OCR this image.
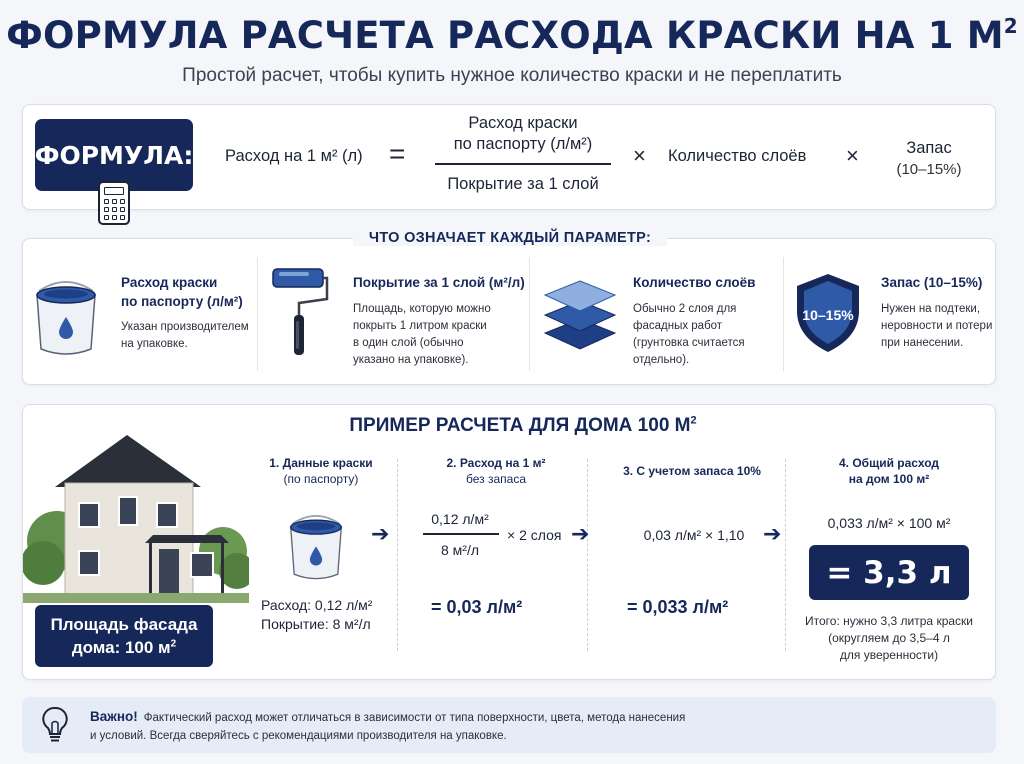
ФОРМУЛА РАСЧЕТА РАСХОДА КРАСКИ НА 1 $М^2$
Простой расчет, чтобы купить нужное количество краски и не переплатить
ФОРМУЛА: Расход на 1 м² (л) =
Расход краски
по паспорту (л/м²)
Покрытие за 1 слой
× Количество слоёв ×	Запас
(10–15%)
ЧТО ОЗНАЧАЕТ КАЖДЫЙ ПАРАМЕТР:
Расход краски
по паспорту (л/м²)
Указан производителем
на упаковке.
Покрытие за 1 слой (м²/л)
Площадь, которую можно
покрыть 1 литром краски
в один слой (обычно
указано на упаковке).
Количество слоёв
Обычно 2 слоя для
фасадных работ
(грунтовка считается
отдельно).
10–15%
Запас (10–15%)
Нужен на подтеки,
неровности и потери
при нанесении.
ПРИМЕР РАСЧЕТА ДЛЯ ДОМА 100 $М^2$
Площадь фасада
дома: 100 $м^2$
1. Данные краски
(по паспорту)
Расход: 0,12 л/м²
Покрытие: 8 м²/л
➔
2. Расход на 1 м²
без запаса
0,12 л/м²
8 м²/л
× 2 слоя
= 0,03 л/м²
➔
3. С учетом запаса 10%
0,03 л/м² × 1,10
= 0,033 л/м²
➔
4. Общий расход
на дом 100 м²
0,033 л/м² × 100 м²
= 3,3 л
Итого: нужно 3,3 литра краски
(округляем до 3,5–4 л
для уверенности)
Важно! Фактический расход может отличаться в зависимости от типа поверхности, цвета, метода нанесения
и условий. Всегда сверяйтесь с рекомендациями производителя на упаковке.
